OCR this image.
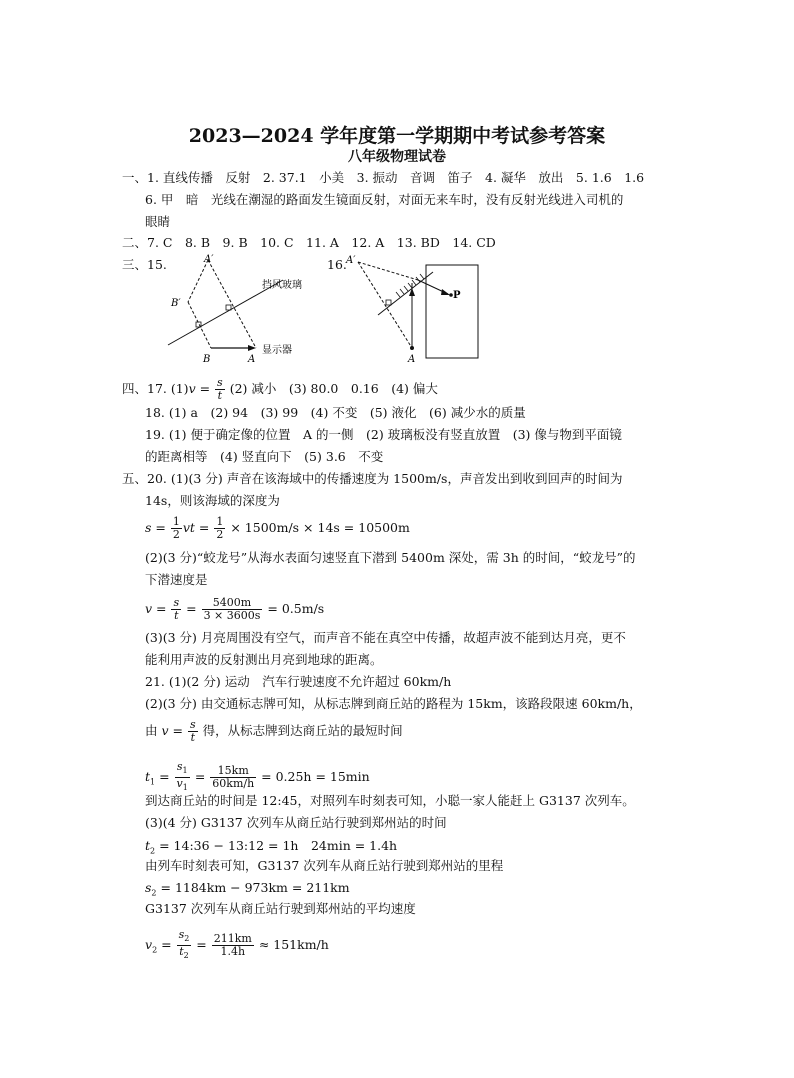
2023—2024 学年度第一学期期中考试参考答案
八年级物理试卷
一、1. 直线传播　反射　2. 37.1　小美　3. 振动　音调　笛子　4. 凝华　放出　5. 1.6　1.6
6. 甲　暗　光线在潮湿的路面发生镜面反射，对面无来车时，没有反射光线进入司机的
眼睛
二、7. C　8. B　9. B　10. C　11. A　12. A　13. BD　14. CD
三、15.	16.
A′
B′
B	A
挡风玻璃
显示器
A′
P
A
四、17. $(1)v = \frac{s}{t} (2)$ 减小　(3) 80.0　0.16　(4) 偏大
18. (1) a　(2) 94　(3) 99　(4) 不变　(5) 液化　(6) 减少水的质量
19. (1) 便于确定像的位置　A 的一侧　(2) 玻璃板没有竖直放置　(3) 像与物到平面镜
的距离相等　(4) 竖直向下　(5) 3.6　不变
五、20. (1)(3 分) 声音在该海域中的传播速度为 1500m/s，声音发出到收到回声的时间为
14s，则该海域的深度为
$s = \frac{1}{2}$ vt = $\frac{1}{2} \times 1500m/s \times 14s = 10500m$
(2)(3 分)“蛟龙号”从海水表面匀速竖直下潜到 5400m 深处，需 3h 的时间，“蛟龙号”的
下潜速度是
$v = \frac{s}{t} = \frac{5400m}{3 \times 3600s} = 0.5m/s$
(3)(3 分) 月亮周围没有空气，而声音不能在真空中传播，故超声波不能到达月亮，更不
能利用声波的反射测出月亮到地球的距离。
21. (1)(2 分) 运动　汽车行驶速度不允许超过 60km/h
(2)(3 分) 由交通标志牌可知，从标志牌到商丘站的路程为 15km，该路段限速 60km/h，
由 $v = \frac{s}{t}$ 得，从标志牌到达商丘站的最短时间
$t_1 = \frac{s_1}{v_1} = \frac{15km}{60km/h} = 0.25h = 15\min$
到达商丘站的时间是 12:45，对照列车时刻表可知，小聪一家人能赶上 G3137 次列车。
(3)(4 分) G3137 次列车从商丘站行驶到郑州站的时间
$t_2$ = 14:36 − 13:12 = 1h　24min = 1.4h
由列车时刻表可知，G3137 次列车从商丘站行驶到郑州站的里程
$s_2 = 1184km - 973km = 211km$
G3137 次列车从商丘站行驶到郑州站的平均速度
$v_2 = \frac{s_2}{t_2} = \frac{211km}{1.4h} \approx 151km/h$
